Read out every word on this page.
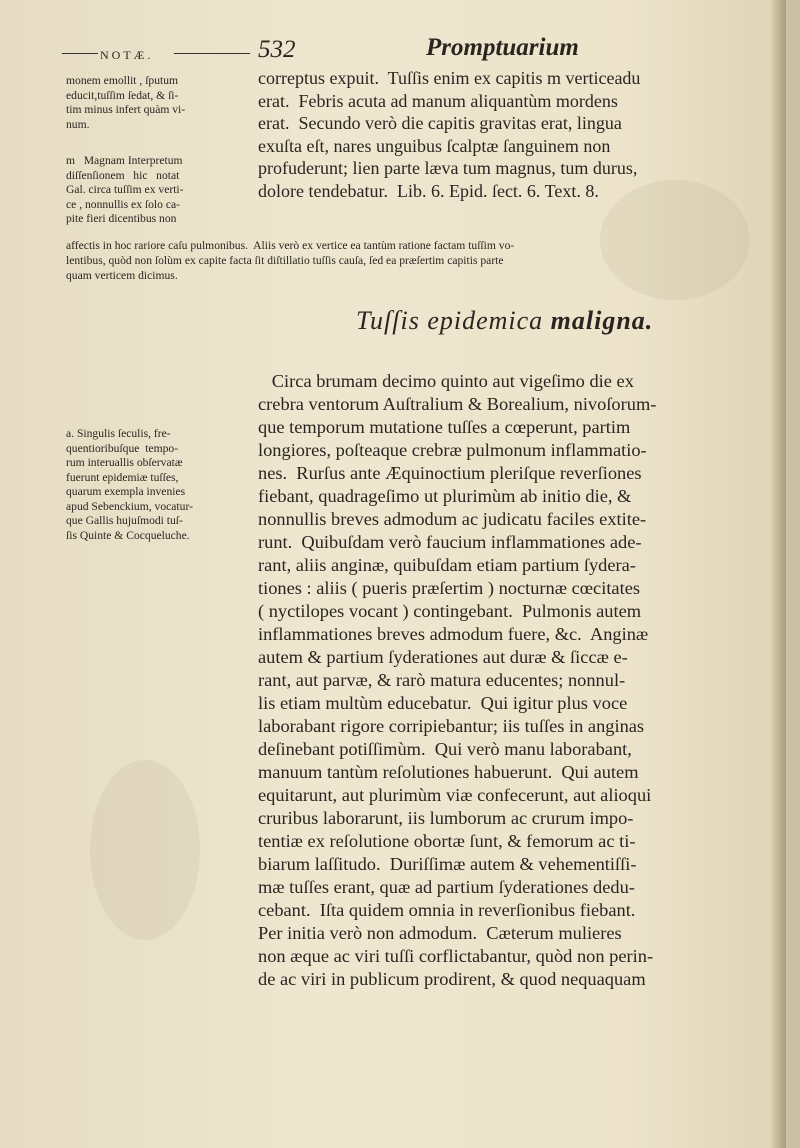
NOTÆ.	532	Promptuarium
monem emollit , ſputum
educit,tuſſim ſedat, & ſi-
tim minus infert quàm vi-
num.
m   Magnam Interpretum
diſſenſionem   hic   notat
Gal. circa tuſſim ex verti-
ce , nonnullis ex ſolo ca-
pite fieri dicentibus non
correptus expuit.  Tuſſis enim ex capitis m verticeadu
erat.  Febris acuta ad manum aliquantùm mordens
erat.  Secundo verò die capitis gravitas erat, lingua
exuſta eſt, nares unguibus ſcalptæ ſanguinem non
profuderunt; lien parte læva tum magnus, tum durus,
dolore tendebatur.  Lib. 6. Epid. ſect. 6. Text. 8.
affectis in hoc rariore caſu pulmonibus.  Aliis verò ex vertice ea tantùm ratione factam tuſſim vo-
lentibus, quòd non ſolùm ex capite facta ſit diſtillatio tuſſis cauſa, ſed ea præſertim capitis parte
quam verticem dicimus.
Tuſſis epidemica maligna.
a. Singulis ſeculis, fre-
quentioribuſque  tempo-
rum interuallis obſervatæ
fuerunt epidemiæ tuſſes,
quarum exempla invenies
apud Sebenckium, vocatur-
que Gallis hujuſmodi tuſ-
ſis Quinte & Cocqueluche.
Circa brumam decimo quinto aut vigeſimo die ex
crebra ventorum Auſtralium & Borealium, nivoſorum-
que temporum mutatione tuſſes a cœperunt, partim
longiores, poſteaque crebræ pulmonum inflammatio-
nes.  Rurſus ante Æquinoctium pleriſque reverſiones
fiebant, quadrageſimo ut plurimùm ab initio die, &
nonnullis breves admodum ac judicatu faciles extite-
runt.  Quibuſdam verò faucium inflammationes ade-
rant, aliis anginæ, quibuſdam etiam partium ſydera-
tiones : aliis ( pueris præſertim ) nocturnæ cœcitates
( nyctilopes vocant ) contingebant.  Pulmonis autem
inflammationes breves admodum fuere, &c.  Anginæ
autem & partium ſyderationes aut duræ & ſiccæ e-
rant, aut parvæ, & rarò matura educentes; nonnul-
lis etiam multùm educebatur.  Qui igitur plus voce
laborabant rigore corripiebantur; iis tuſſes in anginas
deſinebant potiſſimùm.  Qui verò manu laborabant,
manuum tantùm reſolutiones habuerunt.  Qui autem
equitarunt, aut plurimùm viæ confecerunt, aut alioqui
cruribus laborarunt, iis lumborum ac crurum impo-
tentiæ ex reſolutione obortæ ſunt, & femorum ac ti-
biarum laſſitudo.  Duriſſimæ autem & vehementiſſi-
mæ tuſſes erant, quæ ad partium ſyderationes dedu-
cebant.  Iſta quidem omnia in reverſionibus fiebant.
Per initia verò non admodum.  Cæterum mulieres
non æque ac viri tuſſi corflictabantur, quòd non perin-
de ac viri in publicum prodirent, & quod nequaquam
